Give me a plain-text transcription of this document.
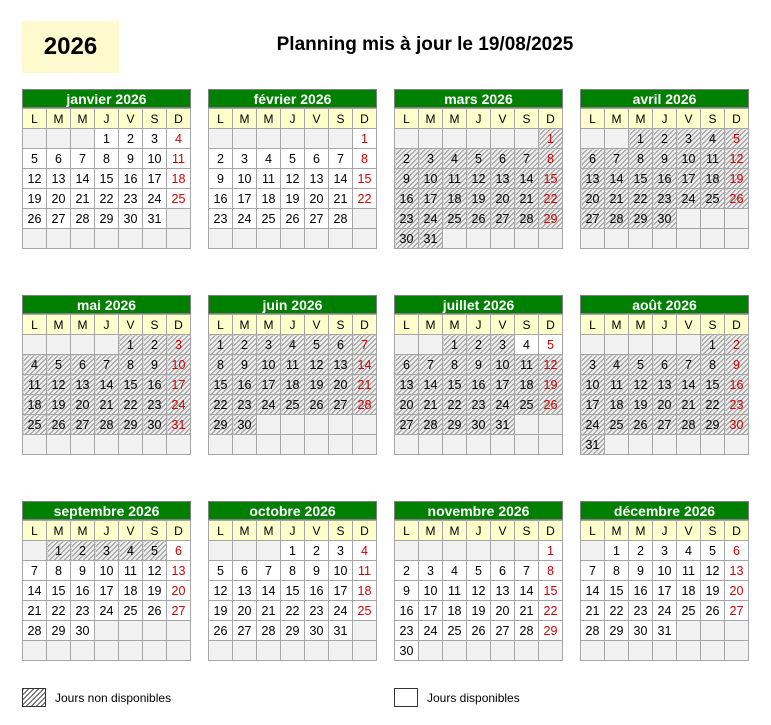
2026	Planning mis à jour le 19/08/2025
janvier 2026
L	M	M	J	V	S	D
			1	2	3	4
5	6	7	8	9	10	11
12	13	14	15	16	17	18
19	20	21	22	23	24	25
26	27	28	29	30	31	

février 2026
L	M	M	J	V	S	D
						1
2	3	4	5	6	7	8
9	10	11	12	13	14	15
16	17	18	19	20	21	22
23	24	25	26	27	28	

mars 2026
L	M	M	J	V	S	D
						1
2	3	4	5	6	7	8
9	10	11	12	13	14	15
16	17	18	19	20	21	22
23	24	25	26	27	28	29
30	31					
avril 2026
L	M	M	J	V	S	D
		1	2	3	4	5
6	7	8	9	10	11	12
13	14	15	16	17	18	19
20	21	22	23	24	25	26
27	28	29	30			

mai 2026
L	M	M	J	V	S	D
				1	2	3
4	5	6	7	8	9	10
11	12	13	14	15	16	17
18	19	20	21	22	23	24
25	26	27	28	29	30	31

juin 2026
L	M	M	J	V	S	D
1	2	3	4	5	6	7
8	9	10	11	12	13	14
15	16	17	18	19	20	21
22	23	24	25	26	27	28
29	30					

juillet 2026
L	M	M	J	V	S	D
		1	2	3	4	5
6	7	8	9	10	11	12
13	14	15	16	17	18	19
20	21	22	23	24	25	26
27	28	29	30	31		

août 2026
L	M	M	J	V	S	D
					1	2
3	4	5	6	7	8	9
10	11	12	13	14	15	16
17	18	19	20	21	22	23
24	25	26	27	28	29	30
31						
septembre 2026
L	M	M	J	V	S	D
	1	2	3	4	5	6
7	8	9	10	11	12	13
14	15	16	17	18	19	20
21	22	23	24	25	26	27
28	29	30				

octobre 2026
L	M	M	J	V	S	D
			1	2	3	4
5	6	7	8	9	10	11
12	13	14	15	16	17	18
19	20	21	22	23	24	25
26	27	28	29	30	31	

novembre 2026
L	M	M	J	V	S	D
						1
2	3	4	5	6	7	8
9	10	11	12	13	14	15
16	17	18	19	20	21	22
23	24	25	26	27	28	29
30						
décembre 2026
L	M	M	J	V	S	D
	1	2	3	4	5	6
7	8	9	10	11	12	13
14	15	16	17	18	19	20
21	22	23	24	25	26	27
28	29	30	31			

Jours non disponibles	Jours disponibles
